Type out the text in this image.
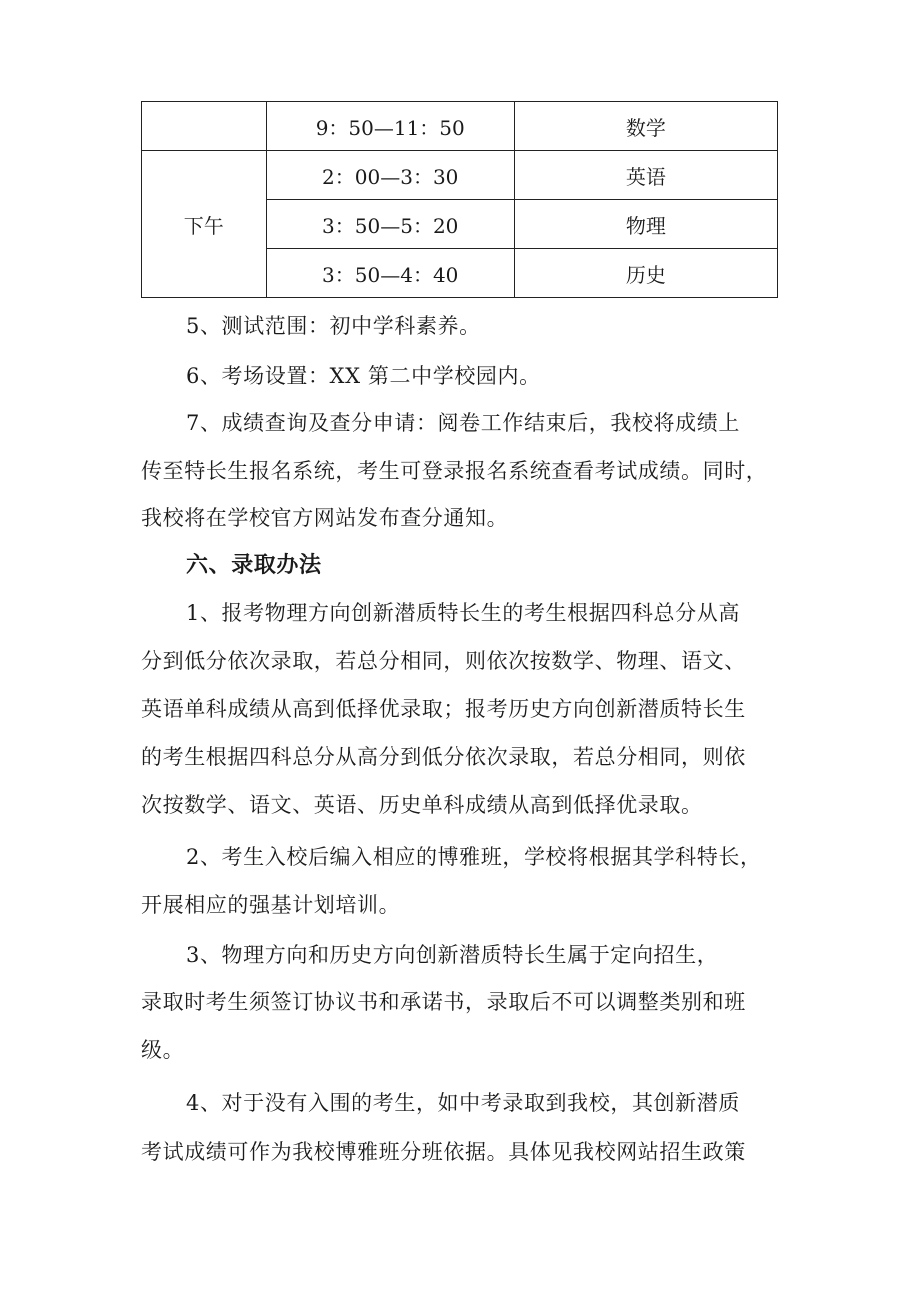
	9：50—11：50	数学
下午	2：00—3：30	英语
	3：50—5：20	物理
	3：50—4：40	历史
5、测试范围：初中学科素养。
6、考场设置：XX 第二中学校园内。
7、成绩查询及查分申请：阅卷工作结束后，我校将成绩上
传至特长生报名系统，考生可登录报名系统查看考试成绩。同时，
我校将在学校官方网站发布查分通知。
六、录取办法
1、报考物理方向创新潜质特长生的考生根据四科总分从高
分到低分依次录取，若总分相同，则依次按数学、物理、语文、
英语单科成绩从高到低择优录取；报考历史方向创新潜质特长生
的考生根据四科总分从高分到低分依次录取，若总分相同，则依
次按数学、语文、英语、历史单科成绩从高到低择优录取。
2、考生入校后编入相应的博雅班，学校将根据其学科特长，
开展相应的强基计划培训。
3、物理方向和历史方向创新潜质特长生属于定向招生，
录取时考生须签订协议书和承诺书，录取后不可以调整类别和班
级。
4、对于没有入围的考生，如中考录取到我校，其创新潜质
考试成绩可作为我校博雅班分班依据。具体见我校网站招生政策
